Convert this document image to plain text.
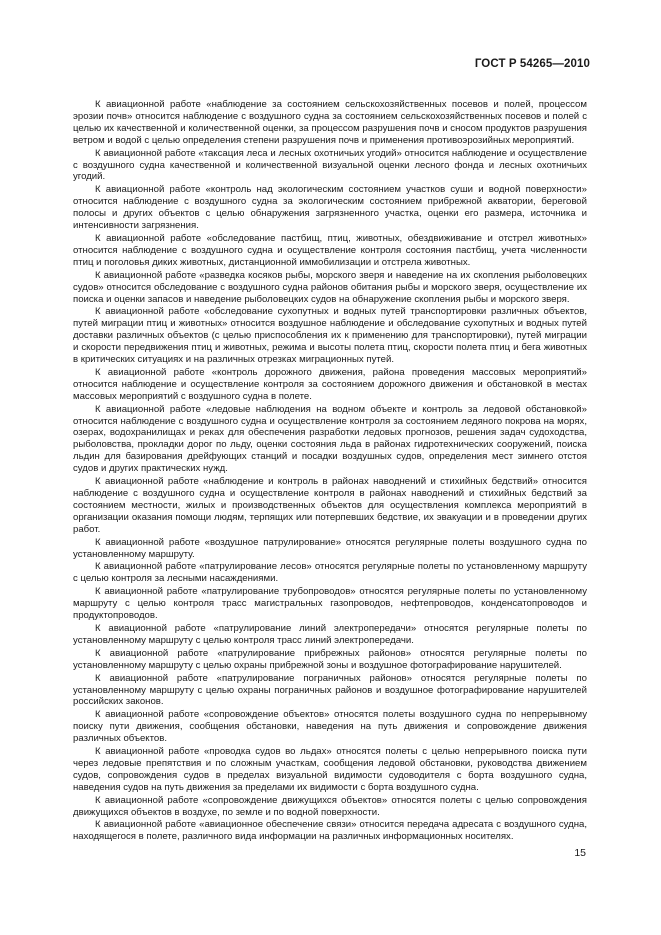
ГОСТ Р 54265—2010

К авиационной работе «наблюдение за состоянием сельскохозяйственных посевов и полей, процессом эрозии почв» относится наблюдение с воздушного судна за состоянием сельскохозяйственных посевов и полей с целью их качественной и количественной оценки, за процессом разрушения почв и сносом продуктов разрушения ветром и водой с целью определения степени разрушения почв и применения противоэрозийных мероприятий.

К авиационной работе «таксация леса и лесных охотничьих угодий» относится наблюдение и осуществление с воздушного судна качественной и количественной визуальной оценки лесного фонда и лесных охотничьих угодий.

К авиационной работе «контроль над экологическим состоянием участков суши и водной поверхности» относится наблюдение с воздушного судна за экологическим состоянием прибрежной акватории, береговой полосы и других объектов с целью обнаружения загрязненного участка, оценки его размера, источника и интенсивности загрязнения.

К авиационной работе «обследование пастбищ, птиц, животных, обездвиживание и отстрел животных» относится наблюдение с воздушного судна и осуществление контроля состояния пастбищ, учета численности птиц и поголовья диких животных, дистанционной иммобилизации и отстрела животных.

К авиационной работе «разведка косяков рыбы, морского зверя и наведение на их скопления рыболовецких судов» относится обследование с воздушного судна районов обитания рыбы и морского зверя, осуществление их поиска и оценки запасов и наведение рыболовецких судов на обнаружение скопления рыбы и морского зверя.

К авиационной работе «обследование сухопутных и водных путей транспортировки различных объектов, путей миграции птиц и животных» относится воздушное наблюдение и обследование сухопутных и водных путей доставки различных объектов (с целью приспособления их к применению для транспортировки), путей миграции и скорости передвижения птиц и животных, режима и высоты полета птиц, скорости полета птиц и бега животных в критических ситуациях и на различных отрезках миграционных путей.

К авиационной работе «контроль дорожного движения, района проведения массовых мероприятий» относится наблюдение и осуществление контроля за состоянием дорожного движения и обстановкой в местах массовых мероприятий с воздушного судна в полете.

К авиационной работе «ледовые наблюдения на водном объекте и контроль за ледовой обстановкой» относится наблюдение с воздушного судна и осуществление контроля за состоянием ледяного покрова на морях, озерах, водохранилищах и реках для обеспечения разработки ледовых прогнозов, решения задач судоходства, рыболовства, прокладки дорог по льду, оценки состояния льда в районах гидротехнических сооружений, поиска льдин для базирования дрейфующих станций и посадки воздушных судов, определения мест зимнего отстоя судов и других практических нужд.

К авиационной работе «наблюдение и контроль в районах наводнений и стихийных бедствий» относится наблюдение с воздушного судна и осуществление контроля в районах наводнений и стихийных бедствий за состоянием местности, жилых и производственных объектов для осуществления комплекса мероприятий в организации оказания помощи людям, терпящих или потерпевших бедствие, их эвакуации и в проведении других работ.

К авиационной работе «воздушное патрулирование» относятся регулярные полеты воздушного судна по установленному маршруту.

К авиационной работе «патрулирование лесов» относятся регулярные полеты по установленному маршруту с целью контроля за лесными насаждениями.

К авиационной работе «патрулирование трубопроводов» относятся регулярные полеты по установленному маршруту с целью контроля трасс магистральных газопроводов, нефтепроводов, конденсатопроводов и продуктопроводов.

К авиационной работе «патрулирование линий электропередачи» относятся регулярные полеты по установленному маршруту с целью контроля трасс линий электропередачи.

К авиационной работе «патрулирование прибрежных районов» относятся регулярные полеты по установленному маршруту с целью охраны прибрежной зоны и воздушное фотографирование нарушителей.

К авиационной работе «патрулирование пограничных районов» относятся регулярные полеты по установленному маршруту с целью охраны пограничных районов и воздушное фотографирование нарушителей российских законов.

К авиационной работе «сопровождение объектов» относятся полеты воздушного судна по непрерывному поиску пути движения, сообщения обстановки, наведения на путь движения и сопровождение движения различных объектов.

К авиационной работе «проводка судов во льдах» относятся полеты с целью непрерывного поиска пути через ледовые препятствия и по сложным участкам, сообщения ледовой обстановки, руководства движением судов, сопровождения судов в пределах визуальной видимости судоводителя с борта воздушного судна, наведения судов на путь движения за пределами их видимости с борта воздушного судна.

К авиационной работе «сопровождение движущихся объектов» относятся полеты с целью сопровождения движущихся объектов в воздухе, по земле и по водной поверхности.

К авиационной работе «авиационное обеспечение связи» относится передача адресата с воздушного судна, находящегося в полете, различного вида информации на различных информационных носителях.

15
